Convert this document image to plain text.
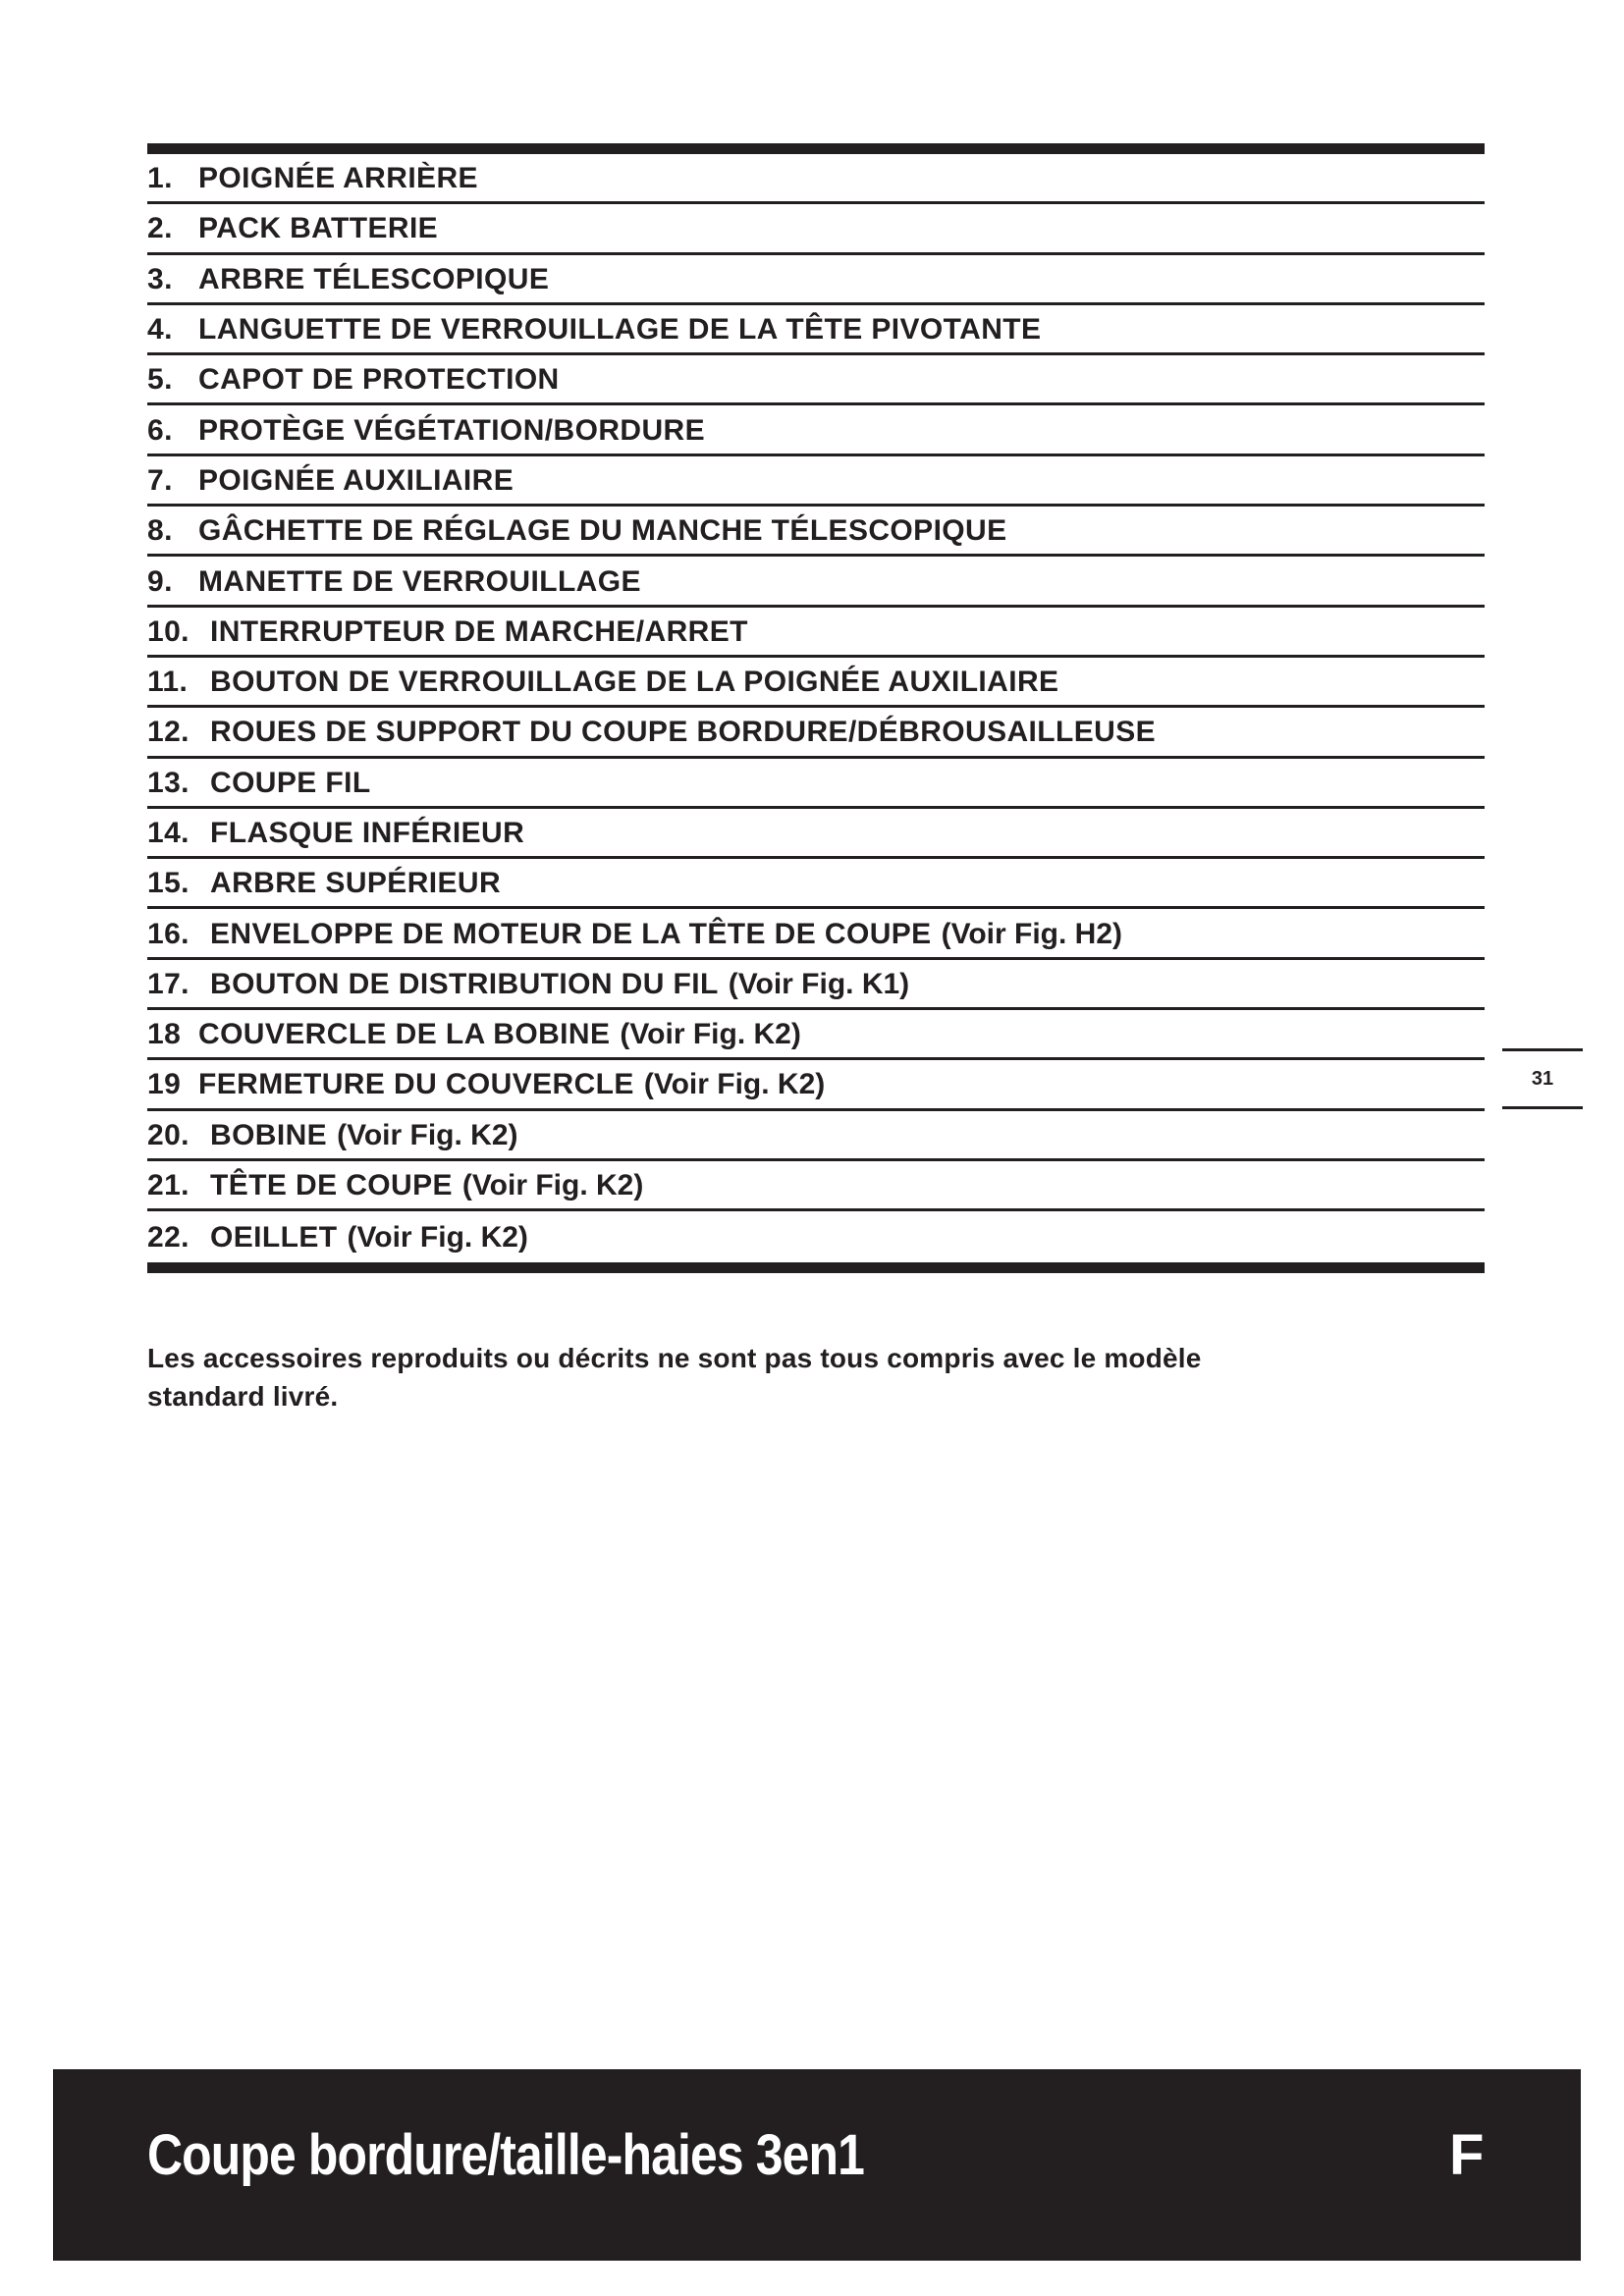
1. POIGNÉE ARRIÈRE
2. PACK BATTERIE
3. ARBRE TÉLESCOPIQUE
4. LANGUETTE DE VERROUILLAGE DE LA TÊTE PIVOTANTE
5. CAPOT DE PROTECTION
6. PROTÈGE VÉGÉTATION/BORDURE
7. POIGNÉE AUXILIAIRE
8. GÂCHETTE DE RÉGLAGE DU MANCHE TÉLESCOPIQUE
9. MANETTE DE VERROUILLAGE
10. INTERRUPTEUR DE MARCHE/ARRET
11. BOUTON DE VERROUILLAGE DE LA POIGNÉE AUXILIAIRE
12. ROUES DE SUPPORT DU COUPE BORDURE/DÉBROUSAILLEUSE
13. COUPE FIL
14. FLASQUE INFÉRIEUR
15. ARBRE SUPÉRIEUR
16. ENVELOPPE DE MOTEUR DE LA TÊTE DE COUPE (Voir Fig. H2)
17. BOUTON DE DISTRIBUTION DU FIL (Voir Fig. K1)
18 COUVERCLE DE LA BOBINE (Voir Fig. K2)
19 FERMETURE DU COUVERCLE (Voir Fig. K2)
20. BOBINE (Voir Fig. K2)
21. TÊTE DE COUPE (Voir Fig. K2)
22. OEILLET (Voir Fig. K2)
Les accessoires reproduits ou décrits ne sont pas tous compris avec le modèle
standard livré.
31
Coupe bordure/taille-haies 3en1	F
